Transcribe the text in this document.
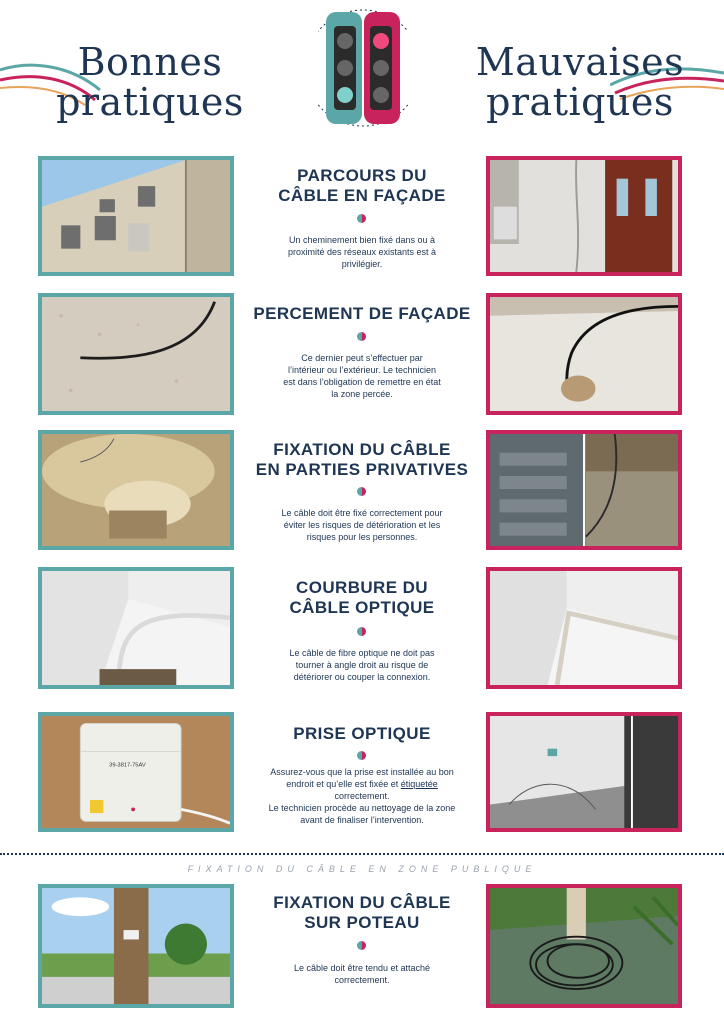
Bonnes
pratiques
Mauvaises
pratiques
PARCOURS DU
CÂBLE EN FAÇADE
Un cheminement bien fixé dans ou à
proximité des réseaux existants est à
privilégier.
PERCEMENT DE FAÇADE
Ce dernier peut s’effectuer par
l’intérieur ou l’extérieur. Le technicien
est dans l’obligation de remettre en état
la zone percée.
FIXATION DU CÂBLE
EN PARTIES PRIVATIVES
Le câble doit être fixé correctement pour
éviter les risques de détérioration et les
risques pour les personnes.
COURBURE DU
CÂBLE OPTIQUE
Le câble de fibre optique ne doit pas
tourner à angle droit au risque de
détériorer ou couper la connexion.
39-3817-75AV
PRISE OPTIQUE
Assurez-vous que la prise est installée au bon
endroit et qu’elle est fixée et étiquetée
correctement.
Le technicien procède au nettoyage de la zone
avant de finaliser l’intervention.
FIXATION DU CÂBLE EN ZONE PUBLIQUE
FIXATION DU CÂBLE
SUR POTEAU
Le câble doit être tendu et attaché
correctement.
